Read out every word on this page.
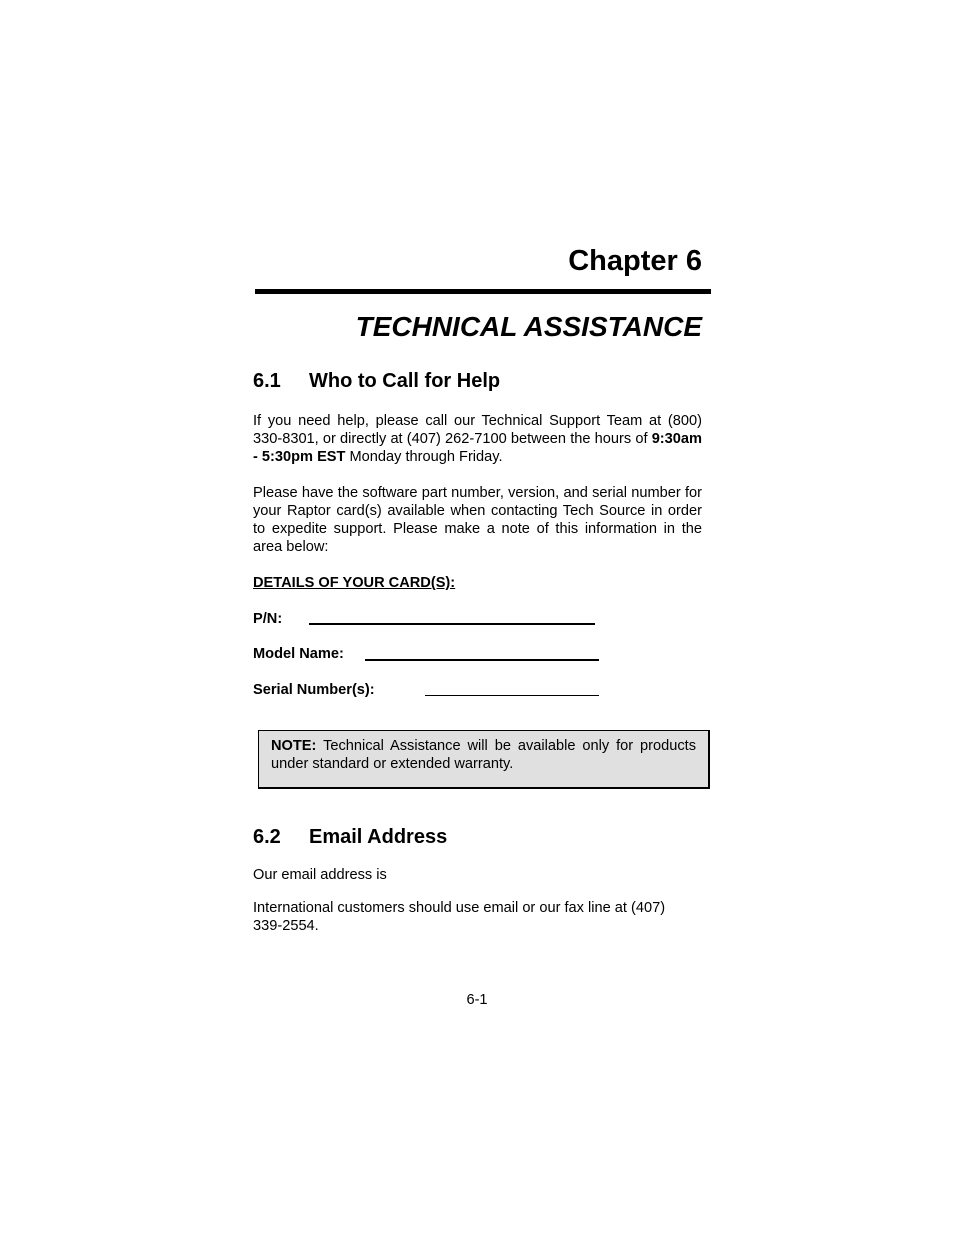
Chapter 6
TECHNICAL ASSISTANCE
6.1 Who to Call for Help

If you need help, please call our Technical Support Team at (800) 330-8301, or directly at (407) 262-7100 between the hours of 9:30am - 5:30pm EST Monday through Friday.

Please have the software part number, version, and serial number for your Raptor card(s) available when contacting Tech Source in order to expedite support. Please make a note of this information in the area below:

DETAILS OF YOUR CARD(S):
P/N:
Model Name:
Serial Number(s):
NOTE: Technical Assistance will be available only for products under standard or extended warranty.
6.2 Email Address

Our email address is

International customers should use email or our fax line at (407) 339-2554.

6-1
